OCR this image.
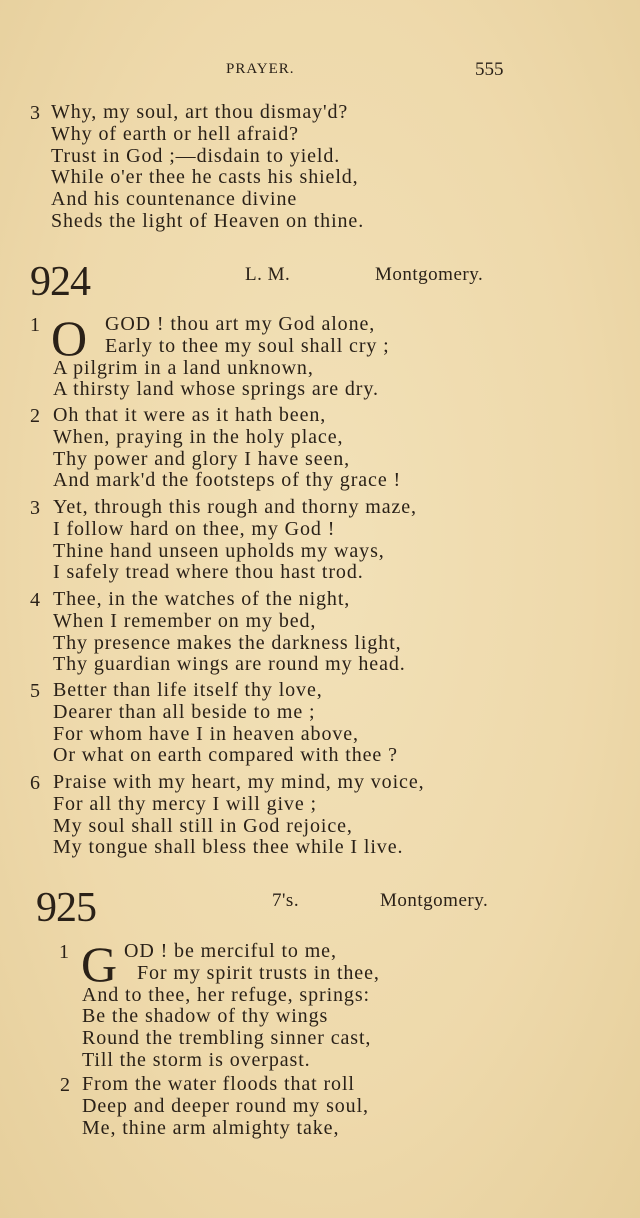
PRAYER.	555
3 Why, my soul, art thou dismay'd?
Why of earth or hell afraid?
Trust in God ;—disdain to yield.
While o'er thee he casts his shield,
And his countenance divine
Sheds the light of Heaven on thine.
924	L. M.	Montgomery.
1 O GOD ! thou art my God alone,
Early to thee my soul shall cry ;
A pilgrim in a land unknown,
A thirsty land whose springs are dry.
2 Oh that it were as it hath been,
When, praying in the holy place,
Thy power and glory I have seen,
And mark'd the footsteps of thy grace !
3 Yet, through this rough and thorny maze,
I follow hard on thee, my God !
Thine hand unseen upholds my ways,
I safely tread where thou hast trod.
4 Thee, in the watches of the night,
When I remember on my bed,
Thy presence makes the darkness light,
Thy guardian wings are round my head.
5 Better than life itself thy love,
Dearer than all beside to me ;
For whom have I in heaven above,
Or what on earth compared with thee ?
6 Praise with my heart, my mind, my voice,
For all thy mercy I will give ;
My soul shall still in God rejoice,
My tongue shall bless thee while I live.
925	7's.	Montgomery.
1 G OD ! be merciful to me,
For my spirit trusts in thee,
And to thee, her refuge, springs:
Be the shadow of thy wings
Round the trembling sinner cast,
Till the storm is overpast.
2 From the water floods that roll
Deep and deeper round my soul,
Me, thine arm almighty take,
